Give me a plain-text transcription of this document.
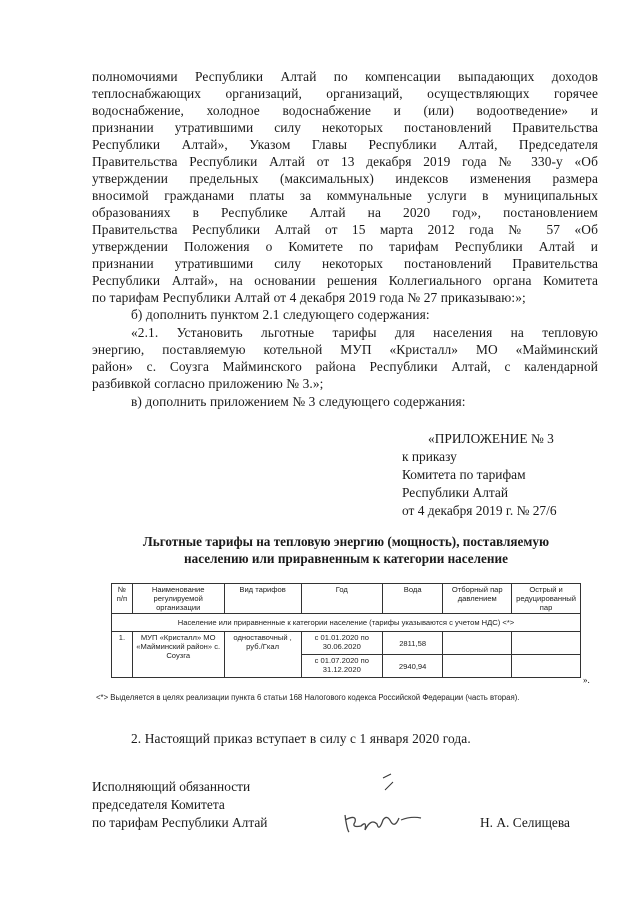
полномочиями Республики Алтай по компенсации выпадающих доходов
теплоснабжающих организаций, организаций, осуществляющих горячее
водоснабжение, холодное водоснабжение и (или) водоотведение» и
признании утратившими силу некоторых постановлений Правительства
Республики Алтай», Указом Главы Республики Алтай, Председателя
Правительства Республики Алтай от 13 декабря 2019 года № 330-у «Об
утверждении предельных (максимальных) индексов изменения размера
вносимой гражданами платы за коммунальные услуги в муниципальных
образованиях в Республике Алтай на 2020 год», постановлением
Правительства Республики Алтай от 15 марта 2012 года № 57 «Об
утверждении Положения о Комитете по тарифам Республики Алтай и
признании утратившими силу некоторых постановлений Правительства
Республики Алтай», на основании решения Коллегиального органа Комитета
по тарифам Республики Алтай от 4 декабря 2019 года № 27 приказываю:»;
б) дополнить пунктом 2.1 следующего содержания:
«2.1. Установить льготные тарифы для населения на тепловую
энергию, поставляемую котельной МУП «Кристалл» МО «Майминский
район» с. Соузга Майминского района Республики Алтай, с календарной
разбивкой согласно приложению № 3.»;
в) дополнить приложением № 3 следующего содержания:
«ПРИЛОЖЕНИЕ № 3
к приказу
Комитета по тарифам
Республики Алтай
от 4 декабря 2019 г. № 27/6
Льготные тарифы на тепловую энергию (мощность), поставляемую
населению или приравненным к категории население
№ п/п	Наименование регулируемой организации	Вид тарифов	Год	Вода	Отборный пар давлением	Острый и редуцированный пар
Население или приравненные к категории население (тарифы указываются с учетом НДС) <*>						
1.	МУП «Кристалл» МО «Майминский район» с. Соузга	одноставочный , руб./Гкал	с 01.01.2020 по 30.06.2020	2811,58		
			с 01.07.2020 по 31.12.2020	2940,94		
».
<*> Выделяется в целях реализации пункта 6 статьи 168 Налогового кодекса Российской Федерации (часть вторая).
2. Настоящий приказ вступает в силу с 1 января 2020 года.
Исполняющий обязанности
председателя Комитета
по тарифам Республики Алтай	Н. А. Селищева
